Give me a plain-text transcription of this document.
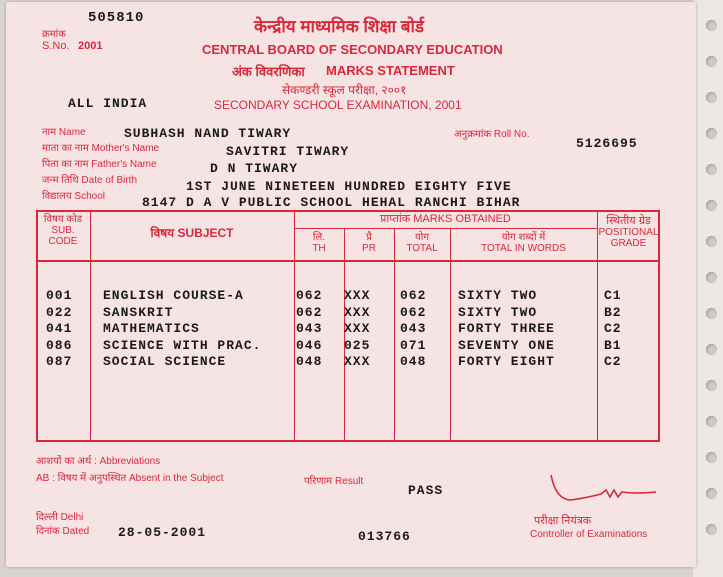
505810
क्रमांक
S.No. 2001
केन्द्रीय माध्यमिक शिक्षा बोर्ड
CENTRAL BOARD OF SECONDARY EDUCATION
अंक विवरणिका MARKS STATEMENT
सेकण्डरी स्कूल परीक्षा, २००१
SECONDARY SCHOOL EXAMINATION, 2001
ALL INDIA
नाम Name	SUBHASH NAND TIWARY	अनुक्रमांक Roll No.
5126695
माता का नाम Mother's Name	SAVITRI TIWARY
पिता का नाम Father's Name	D N TIWARY
जन्म तिथि Date of Birth	1ST JUNE NINETEEN HUNDRED EIGHTY FIVE
विद्यालय School	8147 D A V PUBLIC SCHOOL HEHAL RANCHI BIHAR
विषय कोड
SUB.
CODE
विषय SUBJECT
प्राप्तांक MARKS OBTAINED
लि.
TH
प्रै
PR
योग
TOTAL
योग शब्दों में
TOTAL IN WORDS
स्थितीय ग्रेड
POSITIONAL
GRADE
001 ENGLISH COURSE-A	062 XXX 062 SIXTY TWO	C1
022 SANSKRIT	062 XXX 062 SIXTY TWO	B2
041 MATHEMATICS	043 XXX 043 FORTY THREE	C2
086 SCIENCE WITH PRAC.	046 025 071 SEVENTY ONE	B1
087 SOCIAL SCIENCE	048 XXX 048 FORTY EIGHT	C2
आशयों का अर्थ : Abbreviations
AB : विषय में अनुपस्थित Absent in the Subject	परिणाम Result
PASS
दिल्ली Delhi
दिनांक Dated 28-05-2001	013766
परीक्षा नियंत्रक
Controller of Examinations
